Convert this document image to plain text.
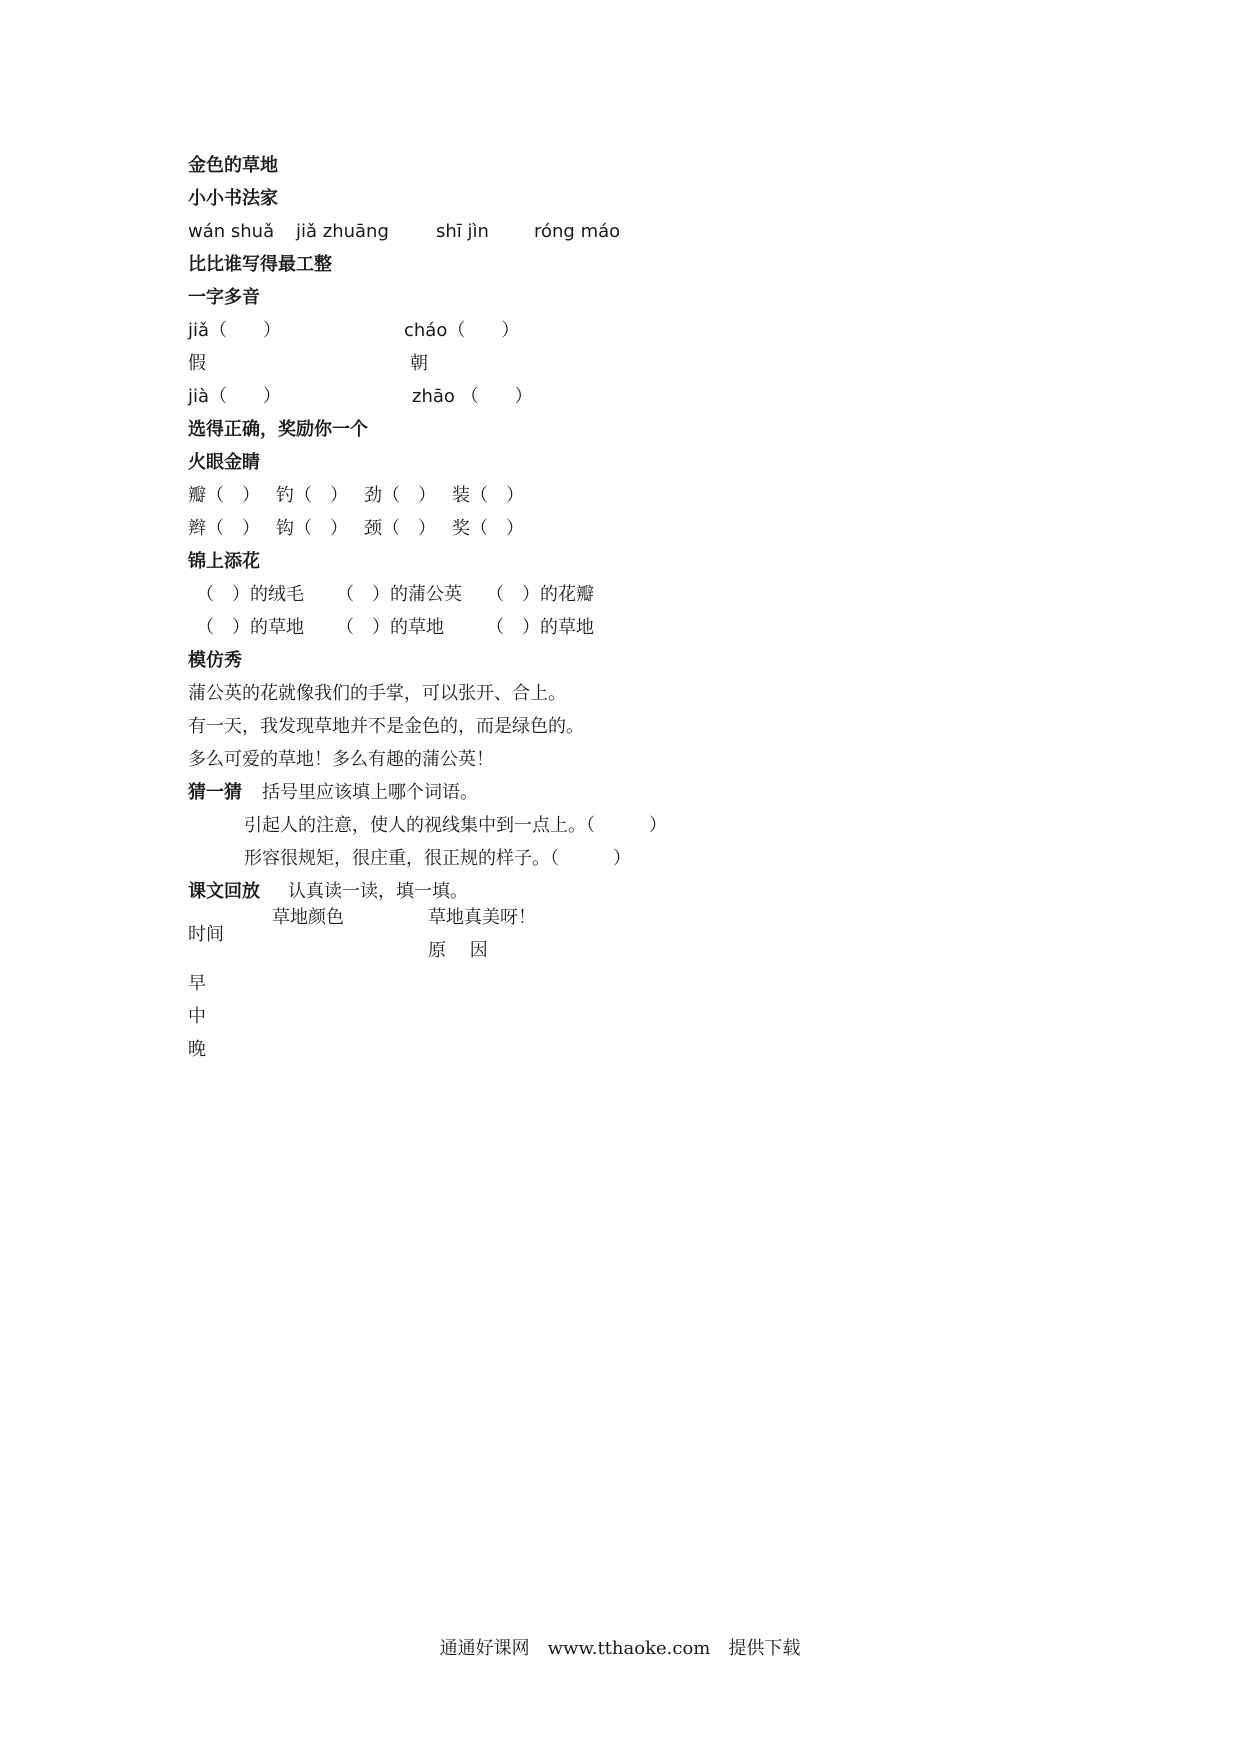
金色的草地
小小书法家
wán shuǎ jiǎ zhuāng	shī jìn	róng máo
比比谁写得最工整
一字多音
jiǎ（　　）	cháo（　　）
假	朝
jià（　　）	zhāo （　　）
选得正确，奖励你一个
火眼金睛
瓣（　） 钓（　） 劲（　） 装（　）
辫（　） 钩（　） 颈（　） 奖（　）
锦上添花
（　）的绒毛 （　）的蒲公英 （　）的花瓣
（　）的草地 （　）的草地 （　）的草地
模仿秀
蒲公英的花就像我们的手掌，可以张开、合上。
有一天，我发现草地并不是金色的，而是绿色的。
多么可爱的草地！多么有趣的蒲公英！
猜一猜 括号里应该填上哪个词语。
引起人的注意，使人的视线集中到一点上。（　　　）
形容很规矩，很庄重，很正规的样子。（　　　）
课文回放 认真读一读，填一填。
时间
草地颜色	草地真美呀！
原　 因
早
中
晚
通通好课网　www.tthaoke.com　提供下载
